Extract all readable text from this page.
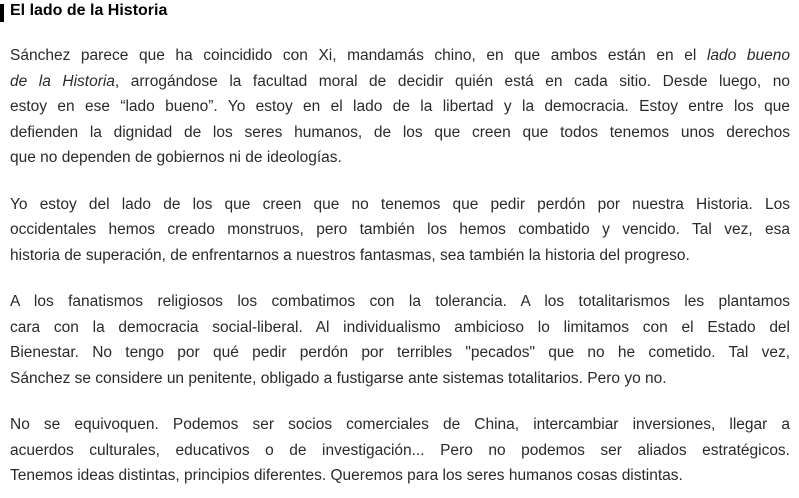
El lado de la Historia

Sánchez parece que ha coincidido con Xi, mandamás chino, en que ambos están en el lado bueno
de la Historia, arrogándose la facultad moral de decidir quién está en cada sitio. Desde luego, no
estoy en ese “lado bueno”. Yo estoy en el lado de la libertad y la democracia. Estoy entre los que
defienden la dignidad de los seres humanos, de los que creen que todos tenemos unos derechos
que no dependen de gobiernos ni de ideologías.

Yo estoy del lado de los que creen que no tenemos que pedir perdón por nuestra Historia. Los
occidentales hemos creado monstruos, pero también los hemos combatido y vencido. Tal vez, esa
historia de superación, de enfrentarnos a nuestros fantasmas, sea también la historia del progreso.

A los fanatismos religiosos los combatimos con la tolerancia. A los totalitarismos les plantamos
cara con la democracia social-liberal. Al individualismo ambicioso lo limitamos con el Estado del
Bienestar. No tengo por qué pedir perdón por terribles "pecados" que no he cometido. Tal vez,
Sánchez se considere un penitente, obligado a fustigarse ante sistemas totalitarios. Pero yo no.

No se equivoquen. Podemos ser socios comerciales de China, intercambiar inversiones, llegar a
acuerdos culturales, educativos o de investigación... Pero no podemos ser aliados estratégicos.
Tenemos ideas distintas, principios diferentes. Queremos para los seres humanos cosas distintas.
